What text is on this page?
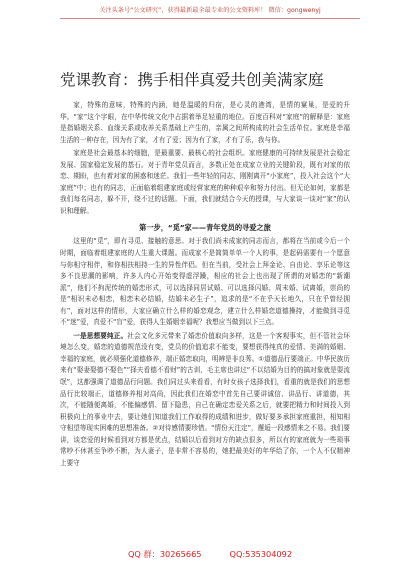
关注头条号“公文研究”，获得最新最全最专业的公文资料库！ 微信：gongwenyj
党课教育：携手相伴真爱共创美满家庭

家，特殊的意味，特殊的内涵，她是温暖的归宿，是心灵的港湾，是情的窠巢，是爱的升华。“家”这个字眼，在中华传统文化中占据着举足轻重的地位。百度百科对“家庭”的解释是：家庭是指婚姻关系、血缘关系或收养关系基础上产生的，亲属之间所构成的社会生活单位。家庭是幸福生活的一种存在，因为有了家，才有了爱；因为有了家，才有了乐，我与你。

家庭是社会最基本的细胞，是最重要、最核心的社会组织。家庭健康的可持续发展是社会稳定发展、国家稳定发展的基石。对于青年党员而言，多数正处在成家立业的关键阶段，既有对家的依恋、期盼，也有着对家的困惑和迷茫。我们一些年轻的同志，刚刚离开“小家庭”，投入社会这个“大家庭”中；也有的同志，正面临着组建家庭或经营家庭的种种艰辛和努力付出。但无论如何，家都是我们每名同志，躲不开，绕不过的话题。下面，我们就结合今天的授课，与大家谈一谈对“家”的认识和理解。

第一步，“觅”家——青年党员的寻爱之旅

这里的“觅”，即有寻觅、接触的意思。对于我们尚未成家的同志而言，都将在当前或今后一个时期，面临着组建家庭的人生重大课题。而成家不是简简单单一个人的事，是起码需要有一个愿意与你相守相伴，和你相扶相持一生的异性伴侣。但在当前，受社会上拜金论、自由论、享乐论等这多不良思潮的影响，许多人内心开始变得虚浮躁，相应的社会上也出现了所谓的对婚恋的“新潮派”，他们不拘泥传统的婚恋形式，可以选择同居试婚、可以选择闪婚、周末婚、试离婚，崇尚的是“相识未必相恋，相恋未必结婚，结婚未必生子”，追求的是“不在乎天长地久，只在乎曾经拥有”，面对这样的情形，大家应确立什么样的婚恋观念，建立什么样婚恋道德操持，才能做到寻觅不“迷”爱，真爱不“盲”爱，获得人生婚姻幸福呢？我想应当做到以下三点。

一是思想要纯正。社会文化多元带来了婚恋价值取向多样，这是一个客观事实，但不管社会环境怎么变，婚恋的道德规范没有变，党员的价值追求不能变，要想获得纯真的爱情、美满的婚姻、幸福的家庭，就必须强化道德修养，端正婚恋取向，明辨是非良莠。①道德品行要端正。中华民族历来有“娶妻娶德不娶色”“择夫看德不看财”的古训，毛主席也讲过“不以结婚为目的的搞对象就是耍流氓”，这都强调了道德品行问题。我们同过头来看看，有时女孩子选择我们，看重的就是我们的思想品行比较端正，道德修养相对高尚，因此我们在婚恋中首先自己要讲诚信、讲品行、讲道德，其次，不能随便离婚，不能偏感情、留下隐患，自己在确定恋爱关系之后，就要把精力和时间投入到积极向上的事业中去，要让她们知道我们工作取得的成绩和进步，做好要多承担家庭重担，相知相守相望等现实困难的思想准备。②对待感情要珍惜。“情份天注定”，邂逅一段感情来之不易。我们要讲，谈恋爱的时候看到对方都是优点，结婚以后看到对方的缺点很多，所以有的家庭就为一些琐事常吵不休甚至争吵不断，为人妻子，是非常不容易的，她把最美好的年华给了你，一个人不仅精神上要守

QQ 群：30265665	QQ:535304092
